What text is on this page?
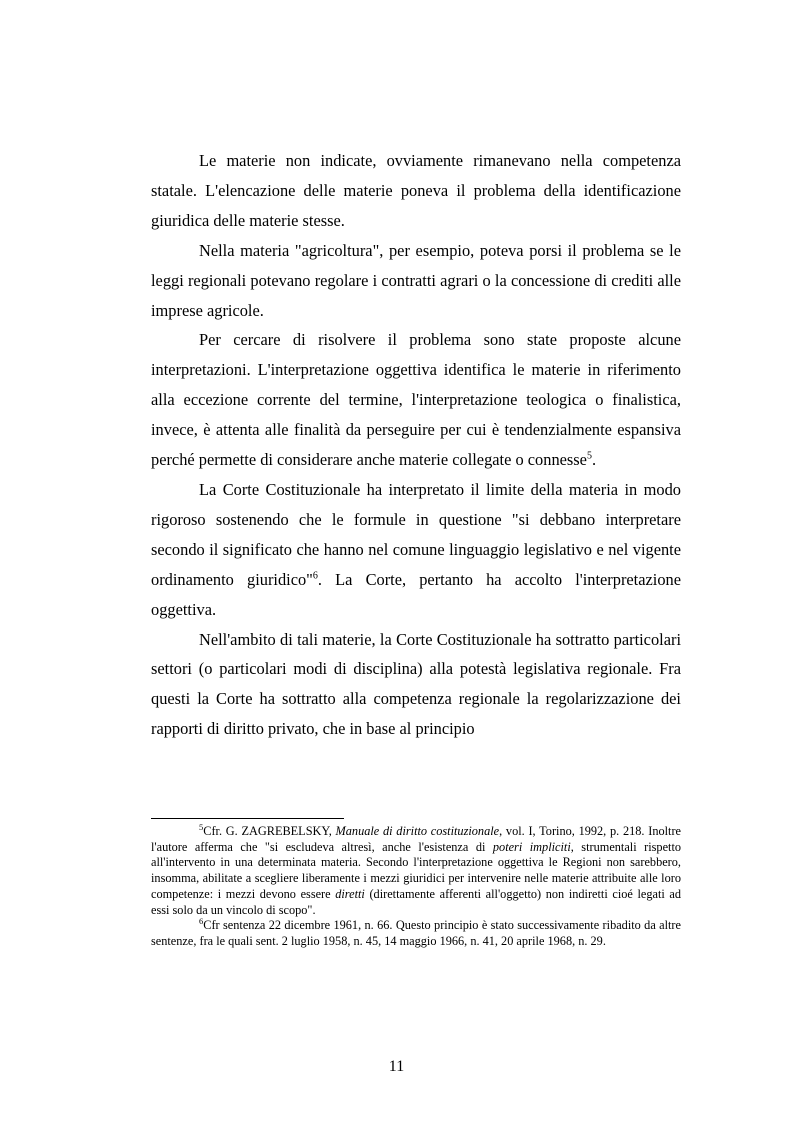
Le materie non indicate, ovviamente rimanevano nella competenza statale. L'elencazione delle materie poneva il problema della identificazione giuridica delle materie stesse.

Nella materia "agricoltura", per esempio, poteva porsi il problema se le leggi regionali potevano regolare i contratti agrari o la concessione di crediti alle imprese agricole.

Per cercare di risolvere il problema sono state proposte alcune interpretazioni. L'interpretazione oggettiva identifica le materie in riferimento alla eccezione corrente del termine, l'interpretazione teologica o finalistica, invece, è attenta alle finalità da perseguire per cui è tendenzialmente espansiva perché permette di considerare anche materie collegate o connesse$^5$.

La Corte Costituzionale ha interpretato il limite della materia in modo rigoroso sostenendo che le formule in questione "si debbano interpretare secondo il significato che hanno nel comune linguaggio legislativo e nel vigente ordinamento giuridico"$^6$. La Corte, pertanto ha accolto l'interpretazione oggettiva.

Nell'ambito di tali materie, la Corte Costituzionale ha sottratto particolari settori (o particolari modi di disciplina) alla potestà legislativa regionale. Fra questi la Corte ha sottratto alla competenza regionale la regolarizzazione dei rapporti di diritto privato, che in base al principio

$^5$Cfr. G. ZAGREBELSKY, Manuale di diritto costituzionale, vol. I, Torino, 1992, p. 218. Inoltre l'autore afferma che "si escludeva altresì, anche l'esistenza di poteri impliciti, strumentali rispetto all'intervento in una determinata materia. Secondo l'interpretazione oggettiva le Regioni non sarebbero, insomma, abilitate a scegliere liberamente i mezzi giuridici per intervenire nelle materie attribuite alle loro competenze: i mezzi devono essere diretti (direttamente afferenti all'oggetto) non indiretti cioé legati ad essi solo da un vincolo di scopo".

$^6$Cfr sentenza 22 dicembre 1961, n. 66. Questo principio è stato successivamente ribadito da altre sentenze, fra le quali sent. 2 luglio 1958, n. 45, 14 maggio 1966, n. 41, 20 aprile 1968, n. 29.

11
